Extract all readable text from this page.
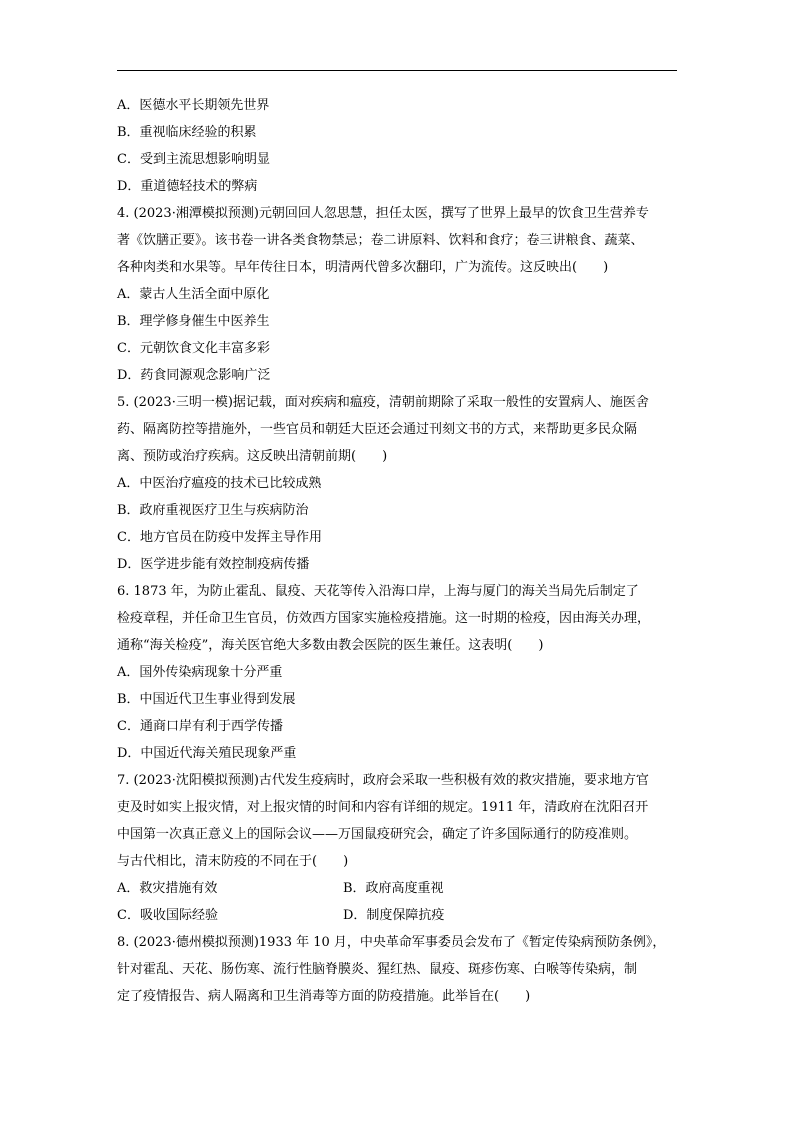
A．医德水平长期领先世界
B．重视临床经验的积累
C．受到主流思想影响明显
D．重道德轻技术的弊病
4. (2023·湘潭模拟预测)元朝回回人忽思慧，担任太医，撰写了世界上最早的饮食卫生营养专
著《饮膳正要》。该书卷一讲各类食物禁忌；卷二讲原料、饮料和食疗；卷三讲粮食、蔬菜、
各种肉类和水果等。早年传往日本，明清两代曾多次翻印，广为流传。这反映出(　　)
A．蒙古人生活全面中原化
B．理学修身催生中医养生
C．元朝饮食文化丰富多彩
D．药食同源观念影响广泛
5. (2023·三明一模)据记载，面对疾病和瘟疫，清朝前期除了采取一般性的安置病人、施医舍
药、隔离防控等措施外，一些官员和朝廷大臣还会通过刊刻文书的方式，来帮助更多民众隔
离、预防或治疗疾病。这反映出清朝前期(　　)
A．中医治疗瘟疫的技术已比较成熟
B．政府重视医疗卫生与疾病防治
C．地方官员在防疫中发挥主导作用
D．医学进步能有效控制疫病传播
6. 1873 年，为防止霍乱、鼠疫、天花等传入沿海口岸，上海与厦门的海关当局先后制定了
检疫章程，并任命卫生官员，仿效西方国家实施检疫措施。这一时期的检疫，因由海关办理，
通称“海关检疫”，海关医官绝大多数由教会医院的医生兼任。这表明(　　)
A．国外传染病现象十分严重
B．中国近代卫生事业得到发展
C．通商口岸有利于西学传播
D．中国近代海关殖民现象严重
7. (2023·沈阳模拟预测)古代发生疫病时，政府会采取一些积极有效的救灾措施，要求地方官
吏及时如实上报灾情，对上报灾情的时间和内容有详细的规定。1911 年，清政府在沈阳召开
中国第一次真正意义上的国际会议——万国鼠疫研究会，确定了许多国际通行的防疫准则。
与古代相比，清末防疫的不同在于(　　)
A．救灾措施有效	B．政府高度重视
C．吸收国际经验	D．制度保障抗疫
8. (2023·德州模拟预测)1933 年 10 月，中央革命军事委员会发布了《暂定传染病预防条例》，
针对霍乱、天花、肠伤寒、流行性脑脊膜炎、猩红热、鼠疫、斑疹伤寒、白喉等传染病，制
定了疫情报告、病人隔离和卫生消毒等方面的防疫措施。此举旨在(　　)
